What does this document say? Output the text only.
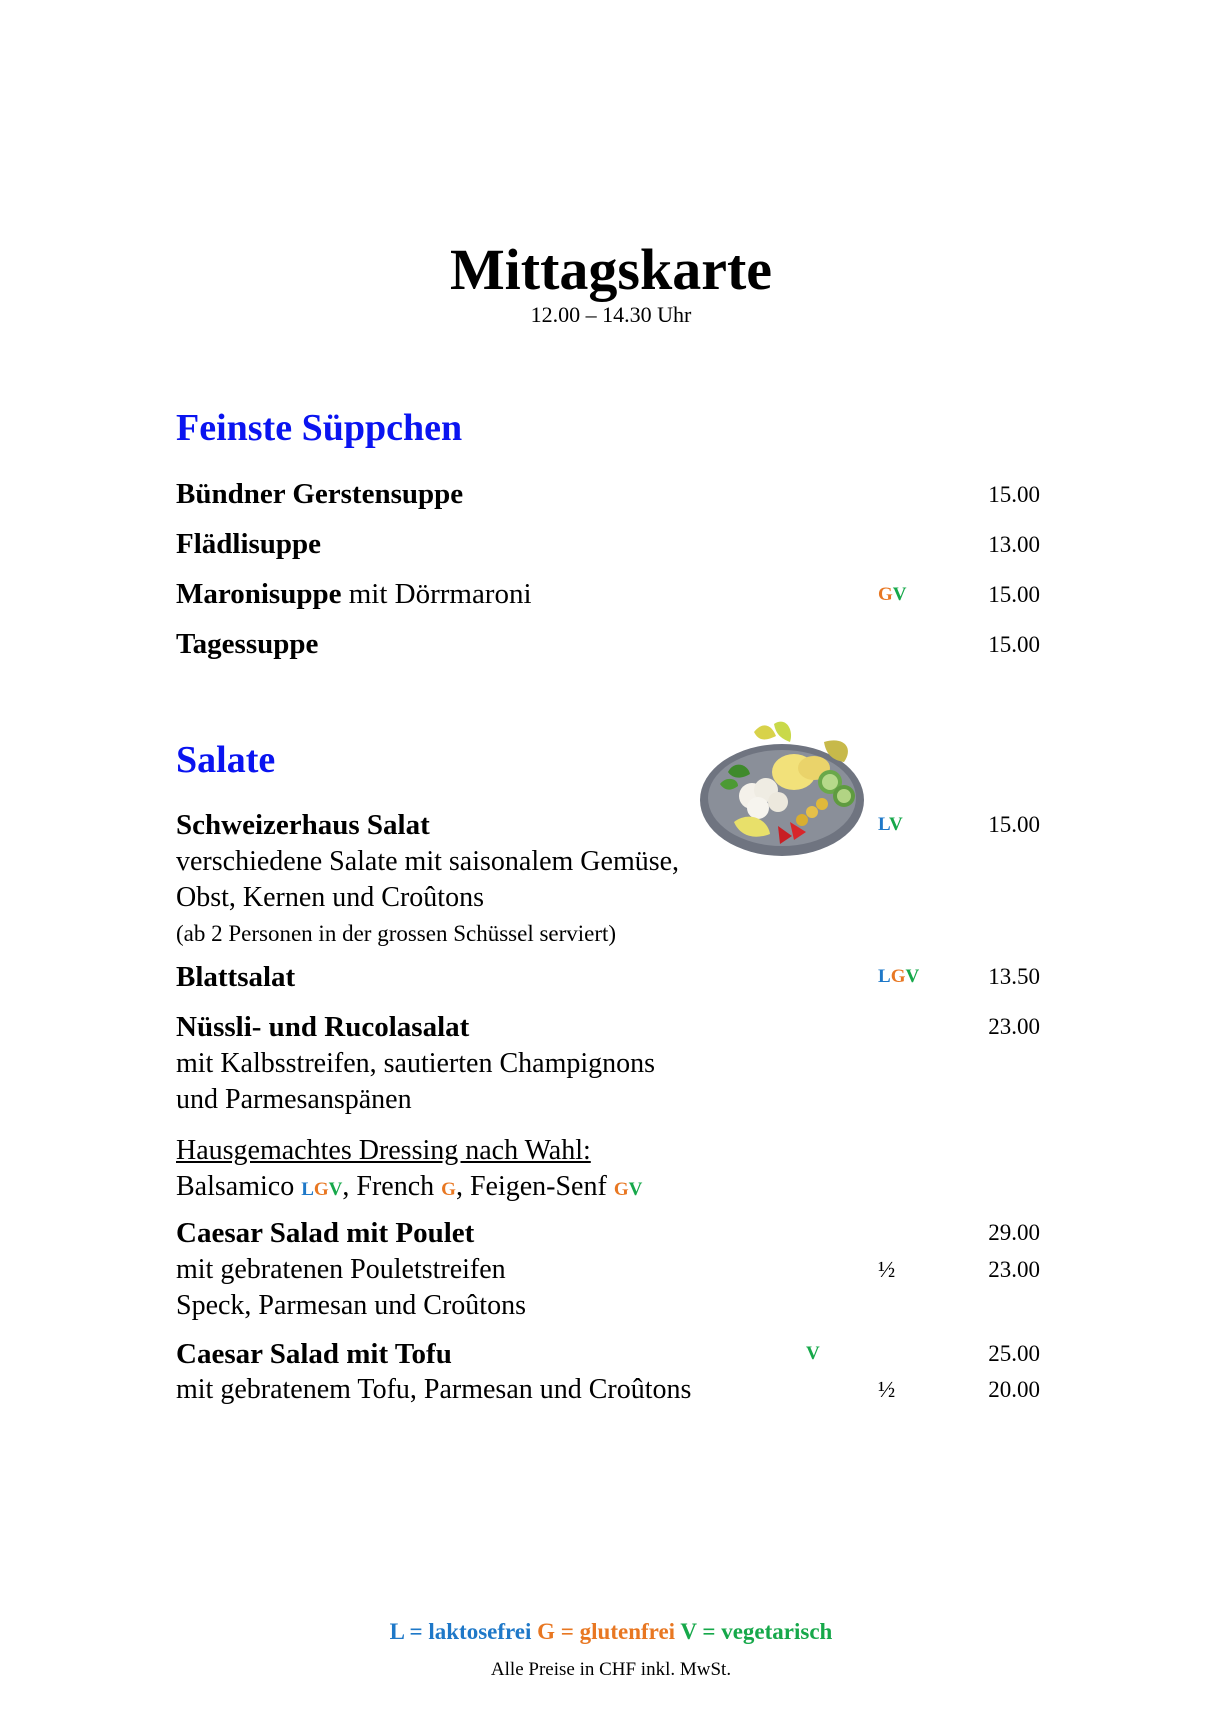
Mittagskarte
12.00 – 14.30 Uhr
Feinste Süppchen
Bündner Gerstensuppe	15.00
Flädlisuppe	13.00
Maronisuppe mit Dörrmaroni	GV	15.00
Tagessuppe	15.00
Salate
Schweizerhaus Salat	LV	15.00
verschiedene Salate mit saisonalem Gemüse,
Obst, Kernen und Croûtons
(ab 2 Personen in der grossen Schüssel serviert)
Blattsalat	LGV	13.50
Nüssli- und Rucolasalat	23.00
mit Kalbsstreifen, sautierten Champignons
und Parmesanspänen
Hausgemachtes Dressing nach Wahl:
Balsamico LGV, French G, Feigen-Senf GV
Caesar Salad mit Poulet	29.00
mit gebratenen Pouletstreifen	½	23.00
Speck, Parmesan und Croûtons
Caesar Salad mit Tofu	V	25.00
mit gebratenem Tofu, Parmesan und Croûtons	½	20.00
L = laktosefrei G = glutenfrei V = vegetarisch
Alle Preise in CHF inkl. MwSt.
